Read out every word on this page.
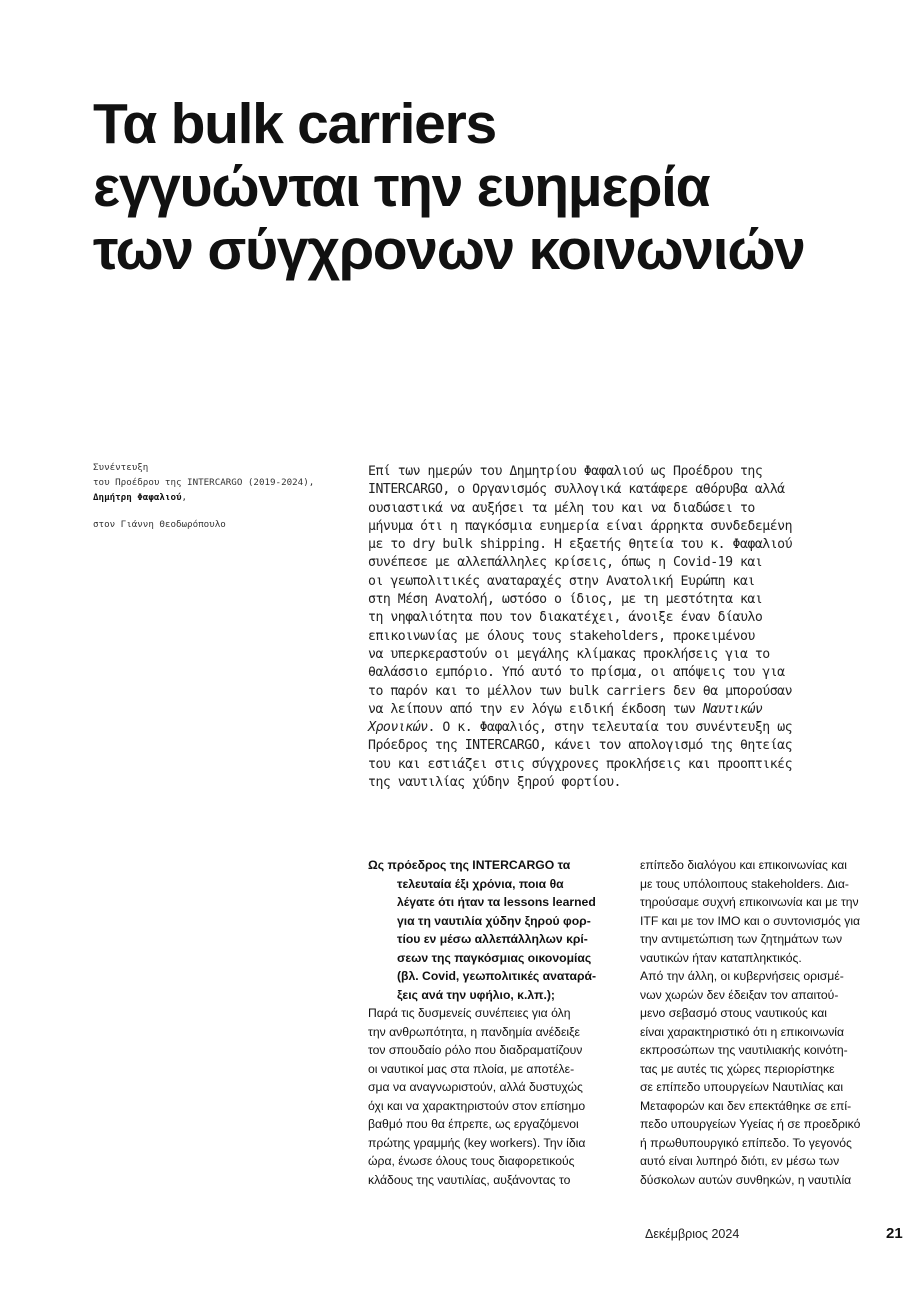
Τα bulk carriers
εγγυώνται την ευημερία
των σύγχρονων κοινωνιών
Συνέντευξη
του Προέδρου της INTERCARGO (2019-2024),
Δημήτρη Φαφαλιού,
στον Γιάννη Θεοδωρόπουλο
Επί των ημερών του Δημητρίου Φαφαλιού ως Προέδρου της
INTERCARGO, ο Οργανισμός συλλογικά κατάφερε αθόρυβα αλλά
ουσιαστικά να αυξήσει τα μέλη του και να διαδώσει το
μήνυμα ότι η παγκόσμια ευημερία είναι άρρηκτα συνδεδεμένη
με το dry bulk shipping. Η εξαετής θητεία του κ. Φαφαλιού
συνέπεσε με αλλεπάλληλες κρίσεις, όπως η Covid-19 και
οι γεωπολιτικές αναταραχές στην Ανατολική Ευρώπη και
στη Μέση Ανατολή, ωστόσο ο ίδιος, με τη μεστότητα και
τη νηφαλιότητα που τον διακατέχει, άνοιξε έναν δίαυλο
επικοινωνίας με όλους τους stakeholders, προκειμένου
να υπερκεραστούν οι μεγάλης κλίμακας προκλήσεις για το
θαλάσσιο εμπόριο. Υπό αυτό το πρίσμα, οι απόψεις του για
το παρόν και το μέλλον των bulk carriers δεν θα μπορούσαν
να λείπουν από την εν λόγω ειδική έκδοση των Ναυτικών
Χρονικών. Ο κ. Φαφαλιός, στην τελευταία του συνέντευξη ως
Πρόεδρος της INTERCARGO, κάνει τον απολογισμό της θητείας
του και εστιάζει στις σύγχρονες προκλήσεις και προοπτικές
της ναυτιλίας χύδην ξηρού φορτίου.
Ως πρόεδρος της INTERCARGO τα
τελευταία έξι χρόνια, ποια θα
λέγατε ότι ήταν τα lessons learned
για τη ναυτιλία χύδην ξηρού φορ-
τίου εν μέσω αλλεπάλληλων κρί-
σεων της παγκόσμιας οικονομίας
(βλ. Covid, γεωπολιτικές αναταρά-
ξεις ανά την υφήλιο, κ.λπ.);
Παρά τις δυσμενείς συνέπειες για όλη
την ανθρωπότητα, η πανδημία ανέδειξε
τον σπουδαίο ρόλο που διαδραματίζουν
οι ναυτικοί μας στα πλοία, με αποτέλε-
σμα να αναγνωριστούν, αλλά δυστυχώς
όχι και να χαρακτηριστούν στον επίσημο
βαθμό που θα έπρεπε, ως εργαζόμενοι
πρώτης γραμμής (key workers). Την ίδια
ώρα, ένωσε όλους τους διαφορετικούς
κλάδους της ναυτιλίας, αυξάνοντας το
επίπεδο διαλόγου και επικοινωνίας και
με τους υπόλοιπους stakeholders. Δια-
τηρούσαμε συχνή επικοινωνία και με την
ITF και με τον IMO και ο συντονισμός για
την αντιμετώπιση των ζητημάτων των
ναυτικών ήταν καταπληκτικός.
Από την άλλη, οι κυβερνήσεις ορισμέ-
νων χωρών δεν έδειξαν τον απαιτού-
μενο σεβασμό στους ναυτικούς και
είναι χαρακτηριστικό ότι η επικοινωνία
εκπροσώπων της ναυτιλιακής κοινότη-
τας με αυτές τις χώρες περιορίστηκε
σε επίπεδο υπουργείων Ναυτιλίας και
Μεταφορών και δεν επεκτάθηκε σε επί-
πεδο υπουργείων Υγείας ή σε προεδρικό
ή πρωθυπουργικό επίπεδο. Το γεγονός
αυτό είναι λυπηρό διότι, εν μέσω των
δύσκολων αυτών συνθηκών, η ναυτιλία
Δεκέμβριος 2024	21
